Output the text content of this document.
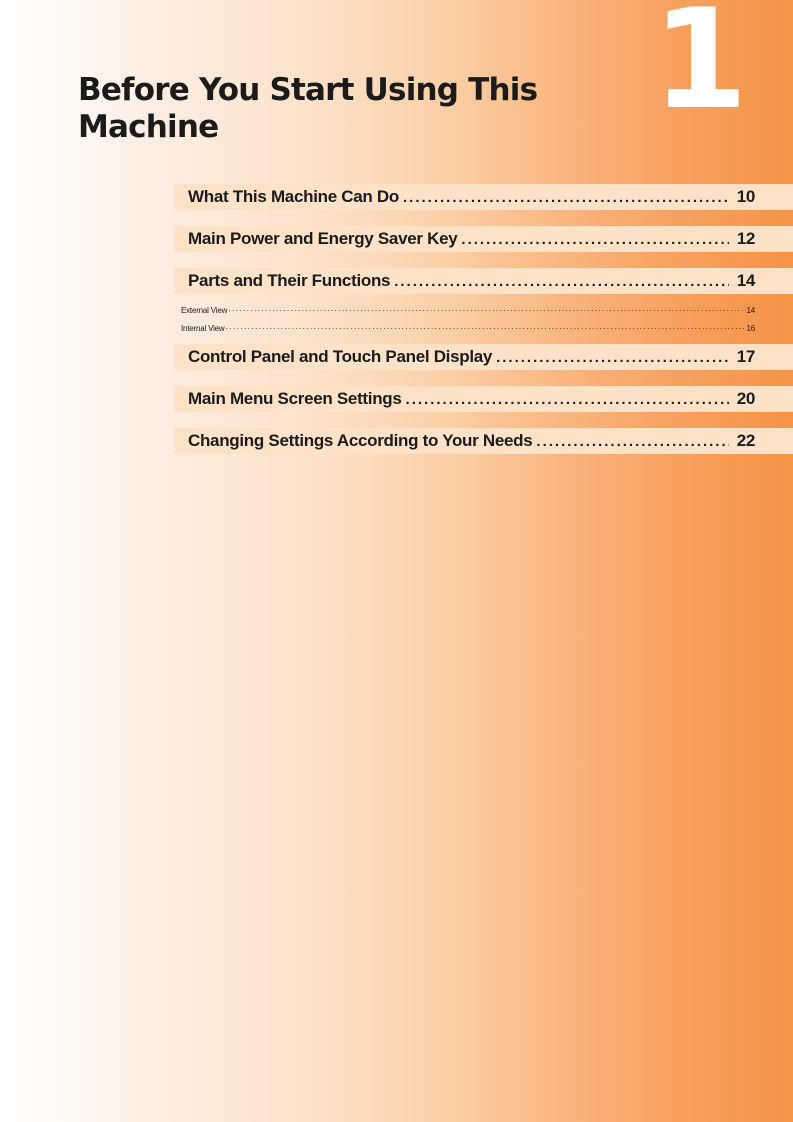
1
Before You Start Using This
Machine
What This Machine Can Do .....	10
Main Power and Energy Saver Key .....	12
Parts and Their Functions .....	14
External View ·····	14
Internal View ·····	16
Control Panel and Touch Panel Display .....	17
Main Menu Screen Settings .....	20
Changing Settings According to Your Needs .....	22
